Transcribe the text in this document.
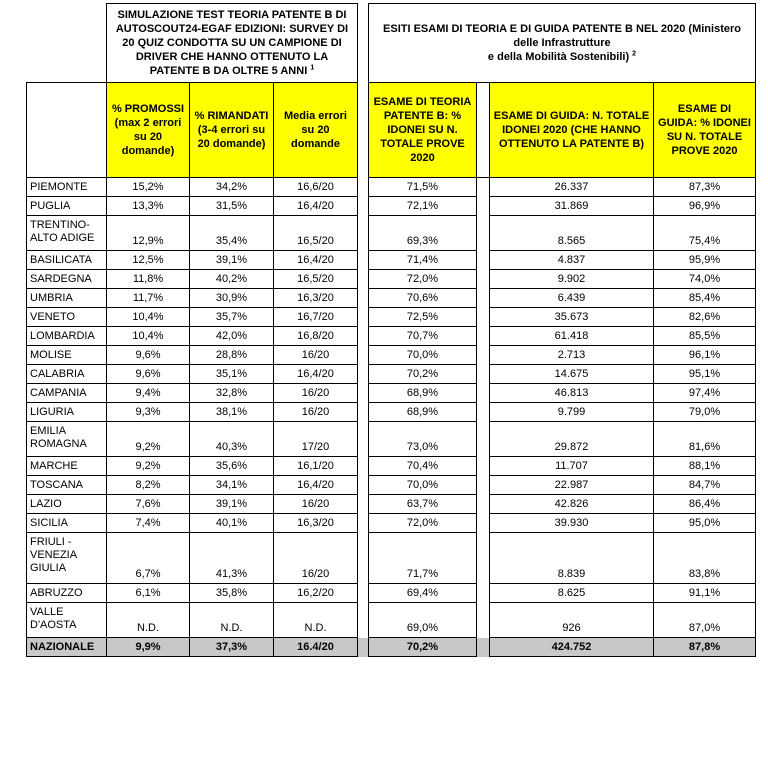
	SIMULAZIONE TEST TEORIA PATENTE B DI AUTOSCOUT24-EGAF EDIZIONI: SURVEY DI 20 QUIZ CONDOTTA SU UN CAMPIONE DI DRIVER CHE HANNO OTTENUTO LA PATENTE B DA OLTRE 5 ANNI $^1$				ESITI ESAMI DI TEORIA E DI GUIDA PATENTE B NEL 2020 (Ministero delle Infrastrutture
e della Mobilità Sostenibili) $^2$
	% PROMOSSI (max 2 errori su 20 domande)	% RIMANDATI (3-4 errori su 20 domande)	Media errori su 20 domande		ESAME DI TEORIA PATENTE B: % IDONEI SU N. TOTALE PROVE 2020		ESAME DI GUIDA: N. TOTALE IDONEI 2020 (CHE HANNO OTTENUTO LA PATENTE B)	ESAME DI GUIDA: % IDONEI SU N. TOTALE PROVE 2020
PIEMONTE	15,2%	34,2%	16,6/20		71,5%		26.337	87,3%
PUGLIA	13,3%	31,5%	16,4/20		72,1%		31.869	96,9%
TRENTINO-ALTO ADIGE	12,9%	35,4%	16,5/20		69,3%		8.565	75,4%
BASILICATA	12,5%	39,1%	16,4/20		71,4%		4.837	95,9%
SARDEGNA	11,8%	40,2%	16,5/20		72,0%		9.902	74,0%
UMBRIA	11,7%	30,9%	16,3/20		70,6%		6.439	85,4%
VENETO	10,4%	35,7%	16,7/20		72,5%		35.673	82,6%
LOMBARDIA	10,4%	42,0%	16,8/20		70,7%		61.418	85,5%
MOLISE	9,6%	28,8%	16/20		70,0%		2.713	96,1%
CALABRIA	9,6%	35,1%	16,4/20		70,2%		14.675	95,1%
CAMPANIA	9,4%	32,8%	16/20		68,9%		46.813	97,4%
LIGURIA	9,3%	38,1%	16/20		68,9%		9.799	79,0%
EMILIA ROMAGNA	9,2%	40,3%	17/20		73,0%		29.872	81,6%
MARCHE	9,2%	35,6%	16,1/20		70,4%		11.707	88,1%
TOSCANA	8,2%	34,1%	16,4/20		70,0%		22.987	84,7%
LAZIO	7,6%	39,1%	16/20		63,7%		42.826	86,4%
SICILIA	7,4%	40,1%	16,3/20		72,0%		39.930	95,0%
FRIULI - VENEZIA GIULIA	6,7%	41,3%	16/20		71,7%		8.839	83,8%
ABRUZZO	6,1%	35,8%	16,2/20		69,4%		8.625	91,1%
VALLE D'AOSTA	N.D.	N.D.	N.D.		69,0%		926	87,0%
NAZIONALE	9,9%	37,3%	16.4/20		70,2%		424.752	87,8%
